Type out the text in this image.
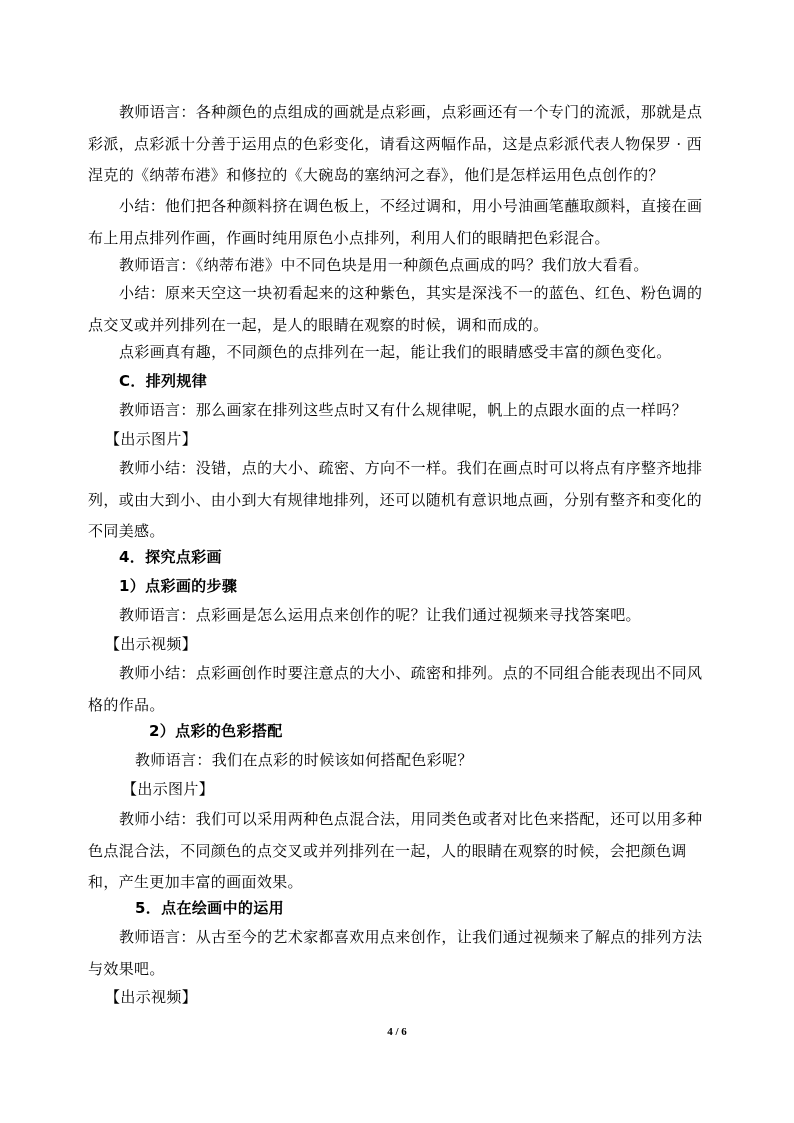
教师语言：各种颜色的点组成的画就是点彩画，点彩画还有一个专门的流派，那就是点彩派，点彩派十分善于运用点的色彩变化，请看这两幅作品，这是点彩派代表人物保罗 · 西涅克的《纳蒂布港》和修拉的《大碗岛的塞纳河之春》，他们是怎样运用色点创作的？
小结：他们把各种颜料挤在调色板上，不经过调和，用小号油画笔蘸取颜料，直接在画布上用点排列作画，作画时纯用原色小点排列，利用人们的眼睛把色彩混合。
教师语言：《纳蒂布港》中不同色块是用一种颜色点画成的吗？我们放大看看。
小结：原来天空这一块初看起来的这种紫色，其实是深浅不一的蓝色、红色、粉色调的点交叉或并列排列在一起，是人的眼睛在观察的时候，调和而成的。
点彩画真有趣，不同颜色的点排列在一起，能让我们的眼睛感受丰富的颜色变化。
C．排列规律
教师语言：那么画家在排列这些点时又有什么规律呢，帆上的点跟水面的点一样吗？
【出示图片】
教师小结：没错，点的大小、疏密、方向不一样。我们在画点时可以将点有序整齐地排列，或由大到小、由小到大有规律地排列，还可以随机有意识地点画，分别有整齐和变化的不同美感。
4．探究点彩画
1）点彩画的步骤
教师语言：点彩画是怎么运用点来创作的呢？让我们通过视频来寻找答案吧。
【出示视频】
教师小结：点彩画创作时要注意点的大小、疏密和排列。点的不同组合能表现出不同风格的作品。
2）点彩的色彩搭配
教师语言：我们在点彩的时候该如何搭配色彩呢？
【出示图片】
教师小结：我们可以采用两种色点混合法，用同类色或者对比色来搭配，还可以用多种色点混合法，不同颜色的点交叉或并列排列在一起，人的眼睛在观察的时候，会把颜色调和，产生更加丰富的画面效果。
5．点在绘画中的运用
教师语言：从古至今的艺术家都喜欢用点来创作，让我们通过视频来了解点的排列方法与效果吧。
【出示视频】
4 / 6
